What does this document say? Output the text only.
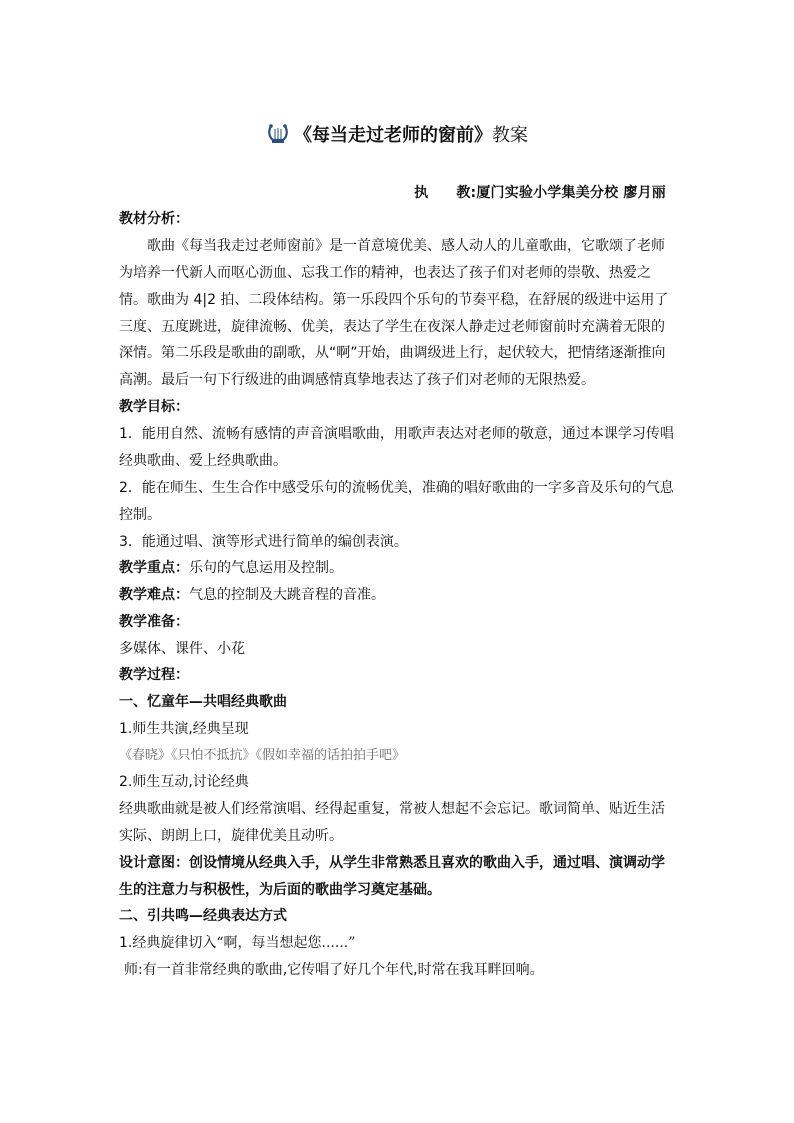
《每当走过老师的窗前》教案
执 教:厦门实验小学集美分校 廖月丽
教材分析：
歌曲《每当我走过老师窗前》是一首意境优美、感人动人的儿童歌曲，它歌颂了老师
为培养一代新人而呕心沥血、忘我工作的精神，也表达了孩子们对老师的崇敬、热爱之
情。歌曲为 4|2 拍、二段体结构。第一乐段四个乐句的节奏平稳，在舒展的级进中运用了
三度、五度跳进，旋律流畅、优美，表达了学生在夜深人静走过老师窗前时充满着无限的
深情。第二乐段是歌曲的副歌，从“啊”开始，曲调级进上行，起伏较大，把情绪逐渐推向
高潮。最后一句下行级进的曲调感情真挚地表达了孩子们对老师的无限热爱。
教学目标：
1．能用自然、流畅有感情的声音演唱歌曲，用歌声表达对老师的敬意，通过本课学习传唱
经典歌曲、爱上经典歌曲。
2．能在师生、生生合作中感受乐句的流畅优美，准确的唱好歌曲的一字多音及乐句的气息
控制。
3．能通过唱、演等形式进行简单的编创表演。
教学重点：乐句的气息运用及控制。
教学难点：气息的控制及大跳音程的音准。
教学准备：
多媒体、课件、小花
教学过程：
一、忆童年—共唱经典歌曲
1.师生共演,经典呈现
《春晓》《只怕不抵抗》《假如幸福的话拍拍手吧》
2.师生互动,讨论经典
经典歌曲就是被人们经常演唱、经得起重复，常被人想起不会忘记。歌词简单、贴近生活
实际、朗朗上口，旋律优美且动听。
设计意图：创设情境从经典入手，从学生非常熟悉且喜欢的歌曲入手，通过唱、演调动学
生的注意力与积极性，为后面的歌曲学习奠定基础。
二、引共鸣—经典表达方式
1.经典旋律切入“啊，每当想起您......”
师:有一首非常经典的歌曲,它传唱了好几个年代,时常在我耳畔回响。
